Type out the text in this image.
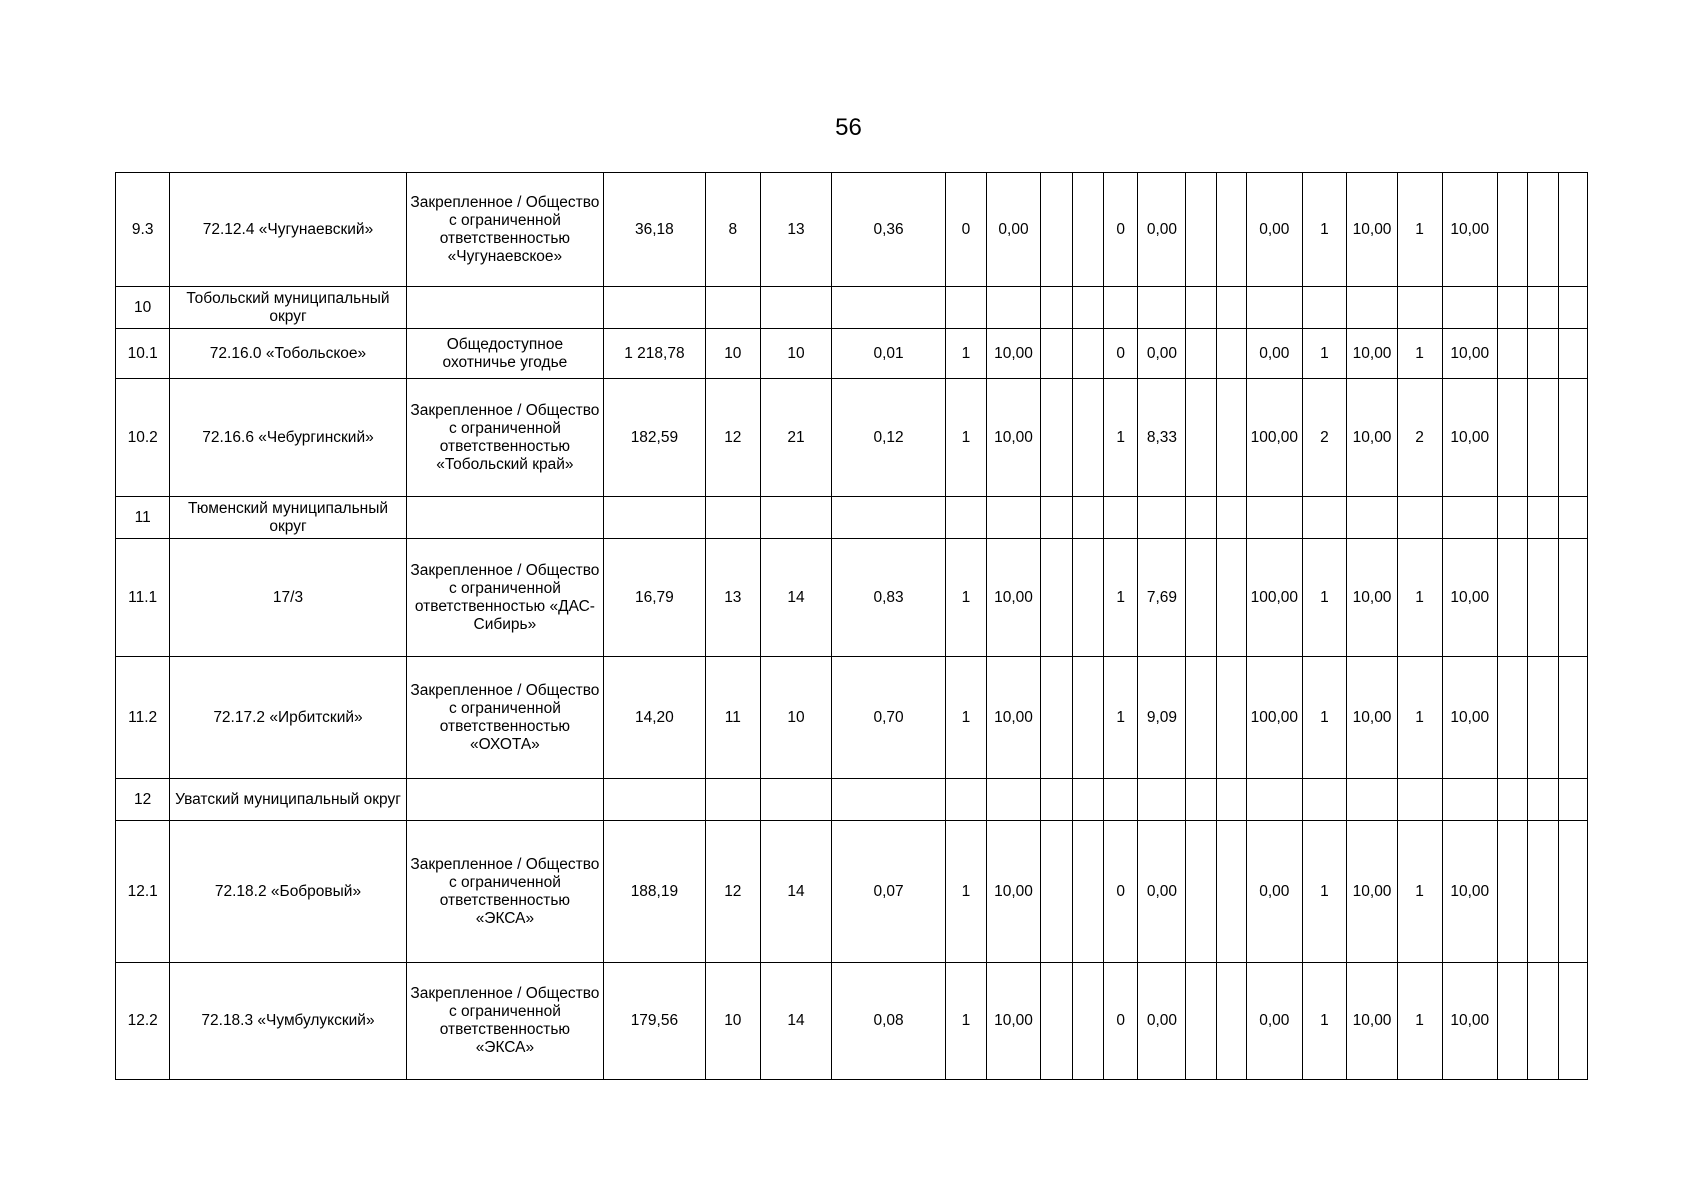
56
9.3	72.12.4 «Чугунаевский»	Закрепленное / Общество с ограниченной ответственностью «Чугунаевское»	36,18	8	13	0,36	0	0,00			0	0,00			0,00	1	10,00	1	10,00			
10	Тобольский муниципальный округ																					
10.1	72.16.0 «Тобольское»	Общедоступное охотничье угодье	1 218,78	10	10	0,01	1	10,00			0	0,00			0,00	1	10,00	1	10,00			
10.2	72.16.6 «Чебургинский»	Закрепленное / Общество с ограниченной ответственностью «Тобольский край»	182,59	12	21	0,12	1	10,00			1	8,33			100,00	2	10,00	2	10,00			
11	Тюменский муниципальный округ																					
11.1	17/3	Закрепленное / Общество с ограниченной ответственностью «ДАС-Сибирь»	16,79	13	14	0,83	1	10,00			1	7,69			100,00	1	10,00	1	10,00			
11.2	72.17.2 «Ирбитский»	Закрепленное / Общество с ограниченной ответственностью «ОХОТА»	14,20	11	10	0,70	1	10,00			1	9,09			100,00	1	10,00	1	10,00			
12	Уватский муниципальный округ																					
12.1	72.18.2 «Бобровый»	Закрепленное / Общество с ограниченной ответственностью «ЭКСА»	188,19	12	14	0,07	1	10,00			0	0,00			0,00	1	10,00	1	10,00			
12.2	72.18.3 «Чумбулукский»	Закрепленное / Общество с ограниченной ответственностью «ЭКСА»	179,56	10	14	0,08	1	10,00			0	0,00			0,00	1	10,00	1	10,00			
